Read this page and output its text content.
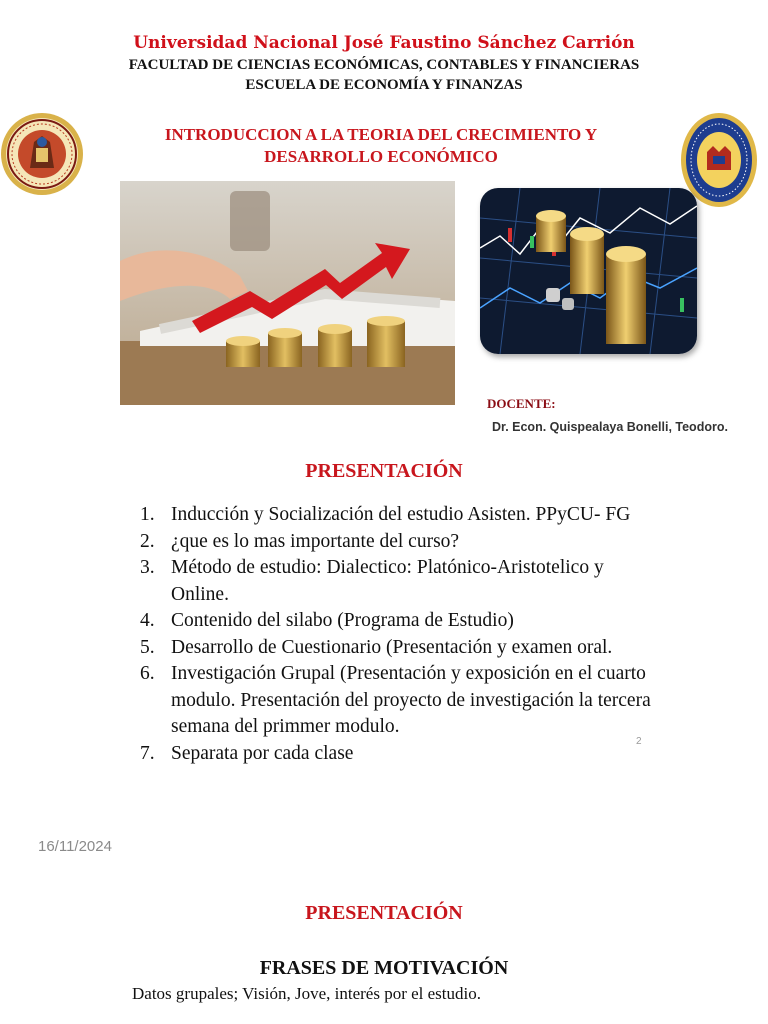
Universidad Nacional José Faustino Sánchez Carrión
FACULTAD DE CIENCIAS ECONÓMICAS, CONTABLES Y FINANCIERAS
ESCUELA DE ECONOMÍA Y FINANZAS
INTRODUCCION A LA TEORIA DEL CRECIMIENTO Y
DESARROLLO ECONÓMICO
DOCENTE:
Dr. Econ. Quispealaya Bonelli, Teodoro.
PRESENTACIÓN
1. Inducción y Socialización del estudio Asisten. PPyCU- FG
2. ¿que es lo mas importante del curso?
3. Método de estudio: Dialectico: Platónico-Aristotelico y Online.
4. Contenido del silabo (Programa de Estudio)
5. Desarrollo de Cuestionario (Presentación y examen oral.
6. Investigación Grupal (Presentación y exposición en el cuarto modulo. Presentación del proyecto de investigación la tercera semana del primmer modulo.
7. Separata por cada clase
2
16/11/2024
PRESENTACIÓN
FRASES DE MOTIVACIÓN
Datos grupales; Visión, Jove, interés por el estudio.
